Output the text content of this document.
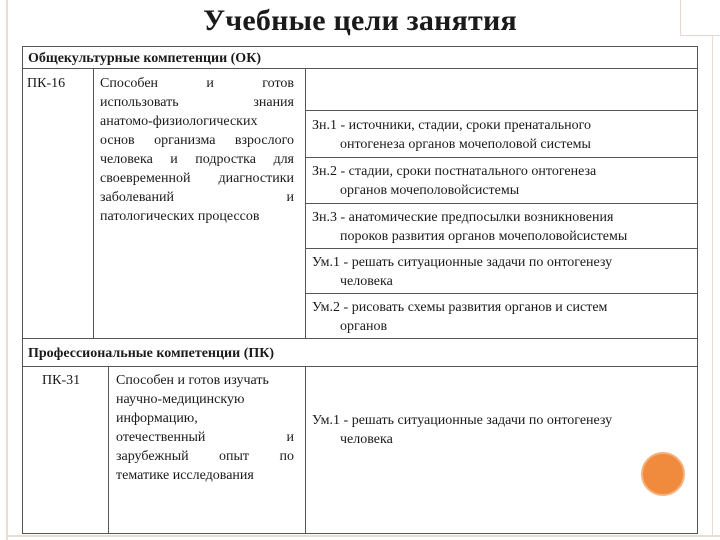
Учебные цели занятия
Общекультурные компетенции (ОК)
ПК-16 Способен и готов
использовать знания
анатомо-физиологических
основ организма взрослого
человека и подростка для
своевременной диагностики
заболеваний и
патологических процессов
Зн.1 - источники, стадии, сроки пренатального
онтогенеза органов мочеполовой системы
Зн.2 - стадии, сроки постнатального онтогенеза
органов мочеполовойсистемы
Зн.3 - анатомические предпосылки возникновения
пороков развития органов мочеполовойсистемы
Ум.1 - решать ситуационные задачи по онтогенезу
человека
Ум.2 - рисовать схемы развития органов и систем
органов
Профессиональные компетенции (ПК)
ПК-31	Способен и готов изучать
научно-медицинскую
информацию,
отечественный и
зарубежный опыт по
тематике исследования
Ум.1 - решать ситуационные задачи по онтогенезу
человека
